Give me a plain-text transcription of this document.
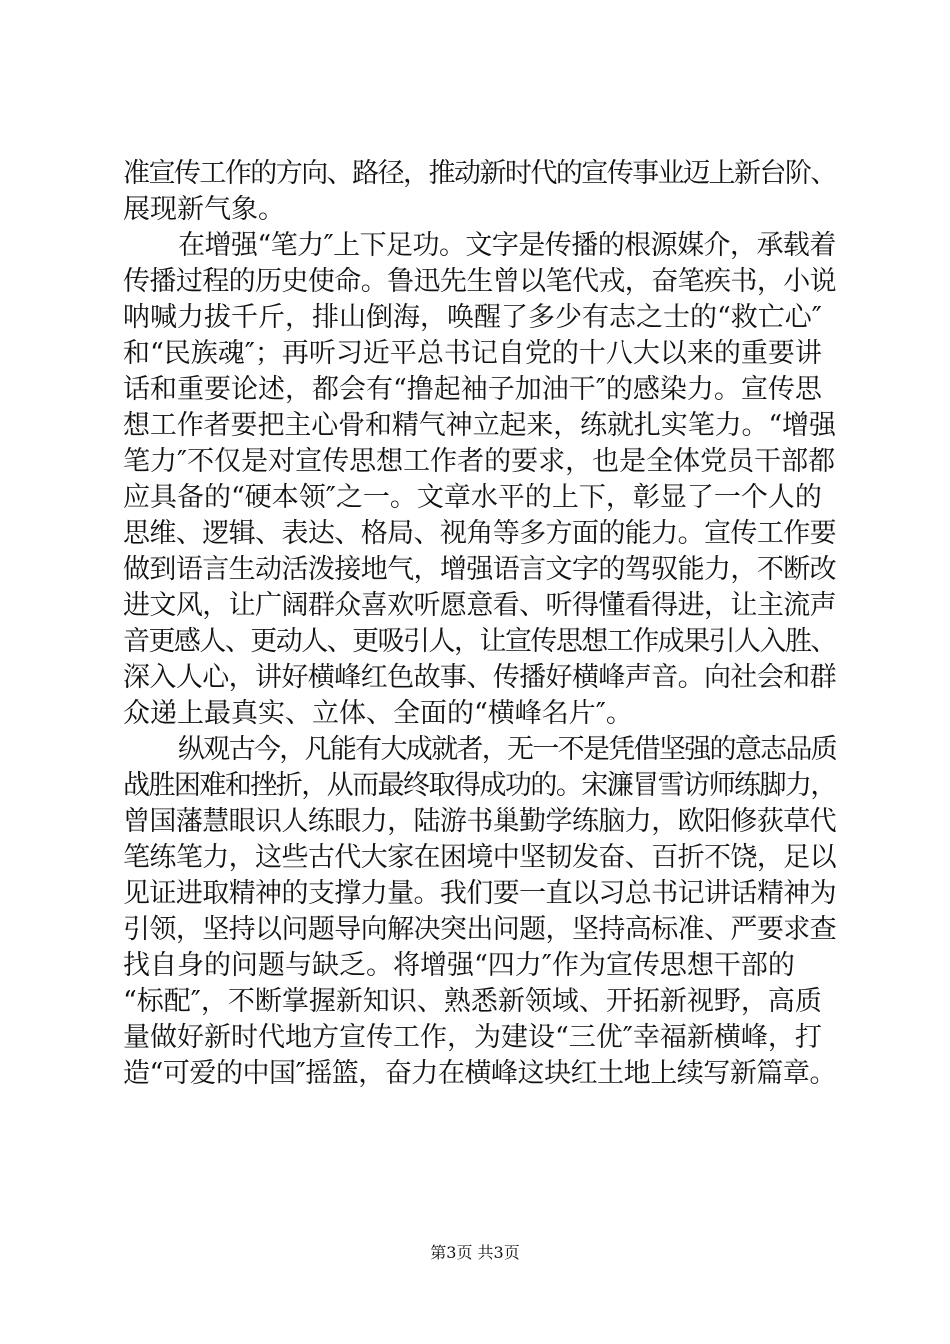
准宣传工作的方向、路径，推动新时代的宣传事业迈上新台阶、
展现新气象。
在增强“笔力″上下足功。文字是传播的根源媒介，承载着
传播过程的历史使命。鲁迅先生曾以笔代戎，奋笔疾书，小说
呐喊力拔千斤，排山倒海，唤醒了多少有志之士的“救亡心″
和“民族魂″；再听习近平总书记自党的十八大以来的重要讲
话和重要论述，都会有“撸起袖子加油干″的感染力。宣传思
想工作者要把主心骨和精气神立起来，练就扎实笔力。“增强
笔力″不仅是对宣传思想工作者的要求，也是全体党员干部都
应具备的“硬本领″之一。文章水平的上下，彰显了一个人的
思维、逻辑、表达、格局、视角等多方面的能力。宣传工作要
做到语言生动活泼接地气，增强语言文字的驾驭能力，不断改
进文风，让广阔群众喜欢听愿意看、听得懂看得进，让主流声
音更感人、更动人、更吸引人，让宣传思想工作成果引人入胜、
深入人心，讲好横峰红色故事、传播好横峰声音。向社会和群
众递上最真实、立体、全面的“横峰名片″。
纵观古今，凡能有大成就者，无一不是凭借坚强的意志品质
战胜困难和挫折，从而最终取得成功的。宋濂冒雪访师练脚力，
曾国藩慧眼识人练眼力，陆游书巢勤学练脑力，欧阳修荻草代
笔练笔力，这些古代大家在困境中坚韧发奋、百折不饶，足以
见证进取精神的支撑力量。我们要一直以习总书记讲话精神为
引领，坚持以问题导向解决突出问题，坚持高标准、严要求查
找自身的问题与缺乏。将增强“四力″作为宣传思想干部的
“标配″，不断掌握新知识、熟悉新领域、开拓新视野，高质
量做好新时代地方宣传工作，为建设“三优″幸福新横峰，打
造“可爱的中国″摇篮，奋力在横峰这块红土地上续写新篇章。
第3页 共3页
